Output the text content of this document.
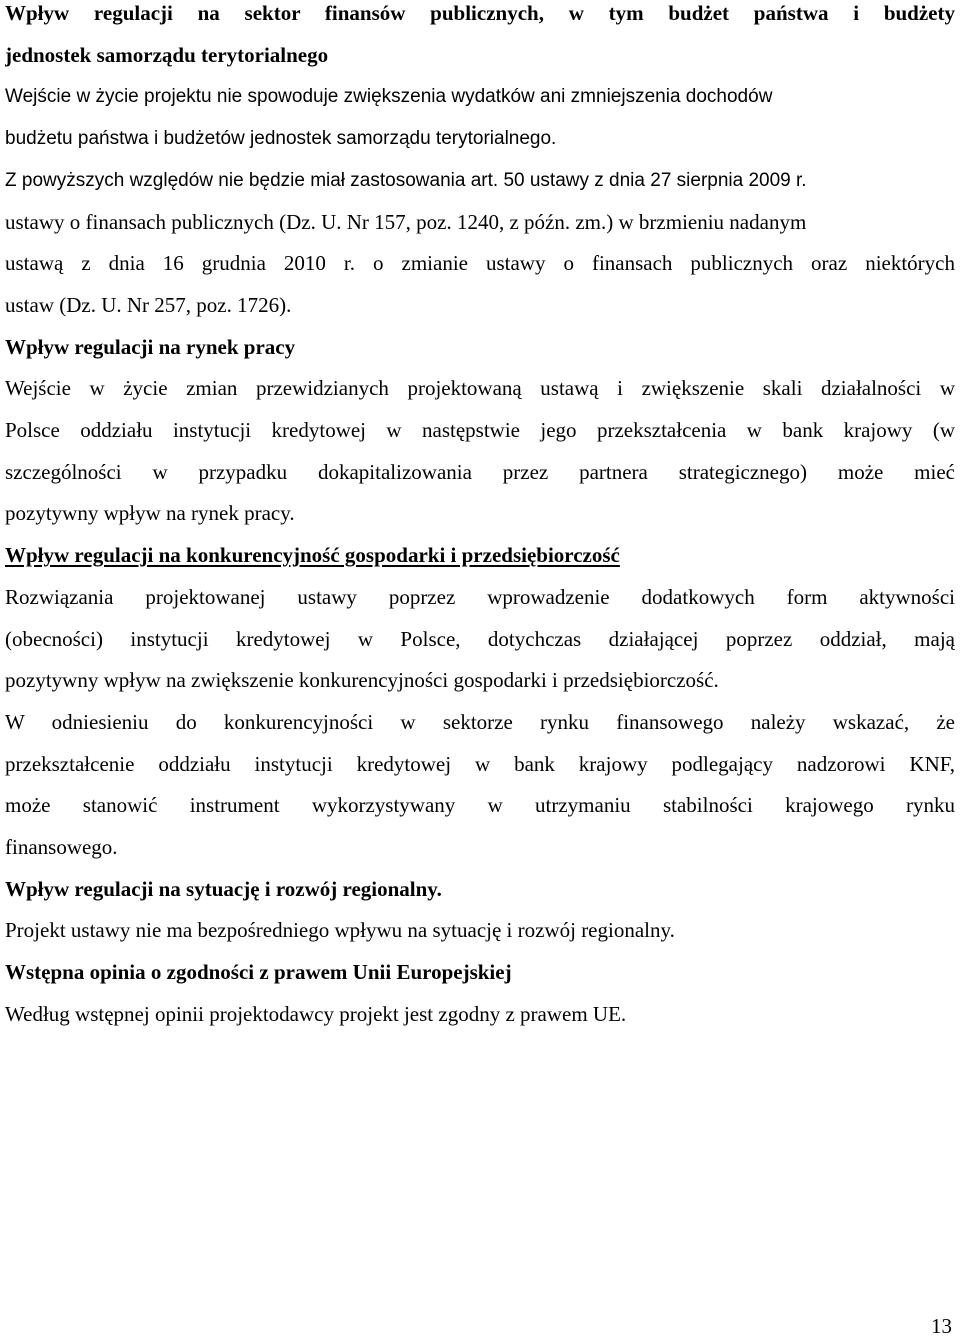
Wpływ regulacji na sektor finansów publicznych, w tym budżet państwa i budżety
jednostek samorządu terytorialnego
Wejście w życie projektu nie spowoduje zwiększenia wydatków ani zmniejszenia dochodów
budżetu państwa i budżetów jednostek samorządu terytorialnego.
Z powyższych względów nie będzie miał zastosowania art. 50 ustawy z dnia 27 sierpnia 2009 r.
ustawy o finansach publicznych (Dz. U. Nr 157, poz. 1240, z późn. zm.) w brzmieniu nadanym
ustawą z dnia 16 grudnia 2010 r. o zmianie ustawy o finansach publicznych oraz niektórych
ustaw (Dz. U. Nr 257, poz. 1726).
Wpływ regulacji na rynek pracy
Wejście w życie zmian przewidzianych projektowaną ustawą i zwiększenie skali działalności w
Polsce oddziału instytucji kredytowej w następstwie jego przekształcenia w bank krajowy (w
szczególności w przypadku dokapitalizowania przez partnera strategicznego) może mieć
pozytywny wpływ na rynek pracy.
Wpływ regulacji na konkurencyjność gospodarki i przedsiębiorczość
Rozwiązania projektowanej ustawy poprzez wprowadzenie dodatkowych form aktywności
(obecności) instytucji kredytowej w Polsce, dotychczas działającej poprzez oddział, mają
pozytywny wpływ na zwiększenie konkurencyjności gospodarki i przedsiębiorczość.
W odniesieniu do konkurencyjności w sektorze rynku finansowego należy wskazać, że
przekształcenie oddziału instytucji kredytowej w bank krajowy podlegający nadzorowi KNF,
może stanowić instrument wykorzystywany w utrzymaniu stabilności krajowego rynku
finansowego.
Wpływ regulacji na sytuację i rozwój regionalny.
Projekt ustawy nie ma bezpośredniego wpływu na sytuację i rozwój regionalny.
Wstępna opinia o zgodności z prawem Unii Europejskiej
Według wstępnej opinii projektodawcy projekt jest zgodny z prawem UE.
13
